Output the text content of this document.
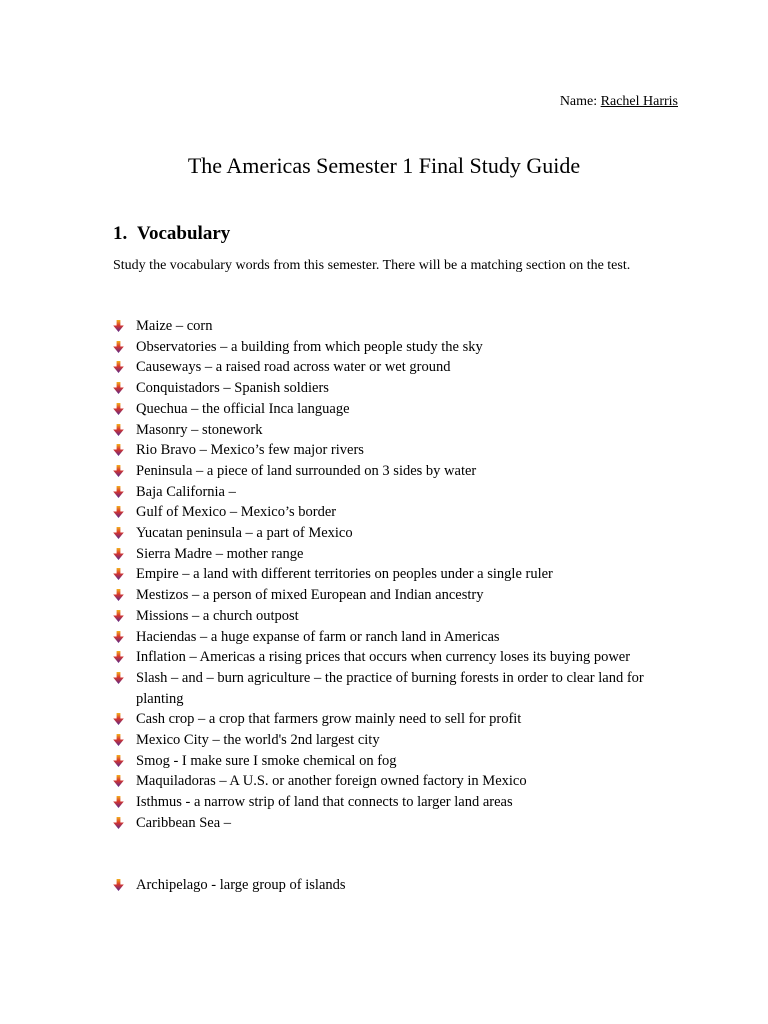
Name: Rachel Harris
The Americas Semester 1 Final Study Guide
1. Vocabulary
Study the vocabulary words from this semester. There will be a matching section on the test.
Maize – corn
Observatories – a building from which people study the sky
Causeways – a raised road across water or wet ground
Conquistadors – Spanish soldiers
Quechua – the official Inca language
Masonry – stonework
Rio Bravo – Mexico’s few major rivers
Peninsula – a piece of land surrounded on 3 sides by water
Baja California –
Gulf of Mexico – Mexico’s border
Yucatan peninsula – a part of Mexico
Sierra Madre – mother range
Empire – a land with different territories on peoples under a single ruler
Mestizos – a person of mixed European and Indian ancestry
Missions – a church outpost
Haciendas – a huge expanse of farm or ranch land in Americas
Inflation – Americas a rising prices that occurs when currency loses its buying power
Slash – and – burn agriculture – the practice of burning forests in order to clear land for planting
Cash crop – a crop that farmers grow mainly need to sell for profit
Mexico City – the world's 2nd largest city
Smog - I make sure I smoke chemical on fog
Maquiladoras – A U.S. or another foreign owned factory in Mexico
Isthmus - a narrow strip of land that connects to larger land areas
Caribbean Sea –
Archipelago - large group of islands
